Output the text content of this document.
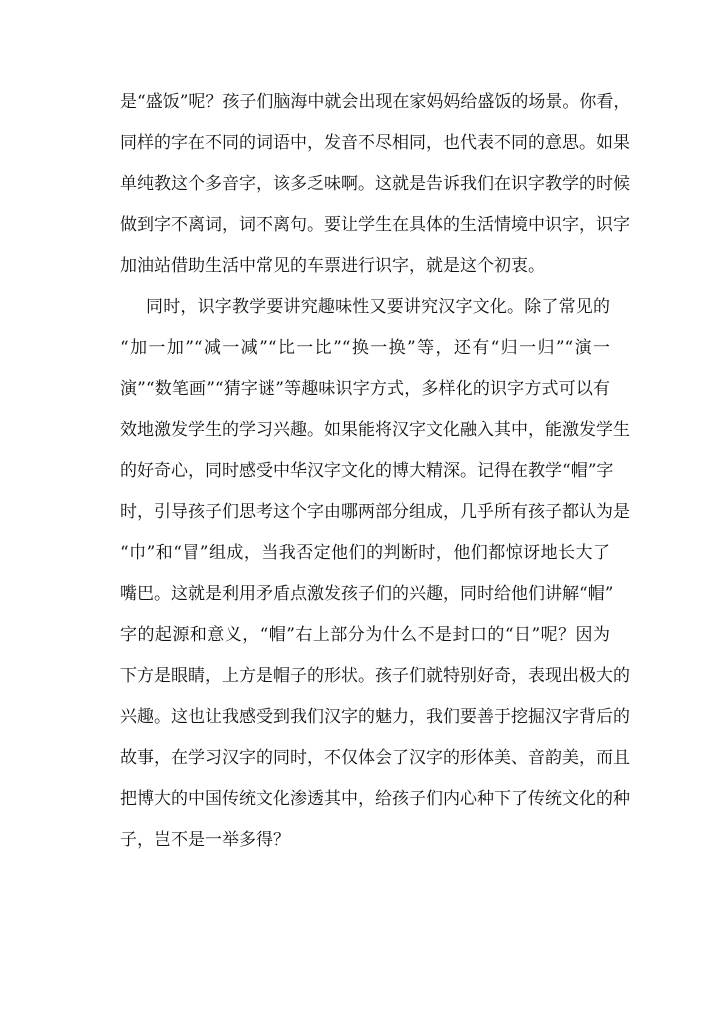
是“盛饭”呢？孩子们脑海中就会出现在家妈妈给盛饭的场景。你看，
同样的字在不同的词语中，发音不尽相同，也代表不同的意思。如果
单纯教这个多音字，该多乏味啊。这就是告诉我们在识字教学的时候
做到字不离词，词不离句。要让学生在具体的生活情境中识字，识字
加油站借助生活中常见的车票进行识字，就是这个初衷。
同时，识字教学要讲究趣味性又要讲究汉字文化。除了常见的
“加一加”“减一减”“比一比”“换一换”等，还有“归一归”“演一
演”“数笔画”“猜字谜”等趣味识字方式，多样化的识字方式可以有
效地激发学生的学习兴趣。如果能将汉字文化融入其中，能激发学生
的好奇心，同时感受中华汉字文化的博大精深。记得在教学“帽”字
时，引导孩子们思考这个字由哪两部分组成，几乎所有孩子都认为是
“巾”和“冒”组成，当我否定他们的判断时，他们都惊讶地长大了
嘴巴。这就是利用矛盾点激发孩子们的兴趣，同时给他们讲解“帽”
字的起源和意义，“帽”右上部分为什么不是封口的“日”呢？因为
下方是眼睛，上方是帽子的形状。孩子们就特别好奇，表现出极大的
兴趣。这也让我感受到我们汉字的魅力，我们要善于挖掘汉字背后的
故事，在学习汉字的同时，不仅体会了汉字的形体美、音韵美，而且
把博大的中国传统文化渗透其中，给孩子们内心种下了传统文化的种
子，岂不是一举多得？
